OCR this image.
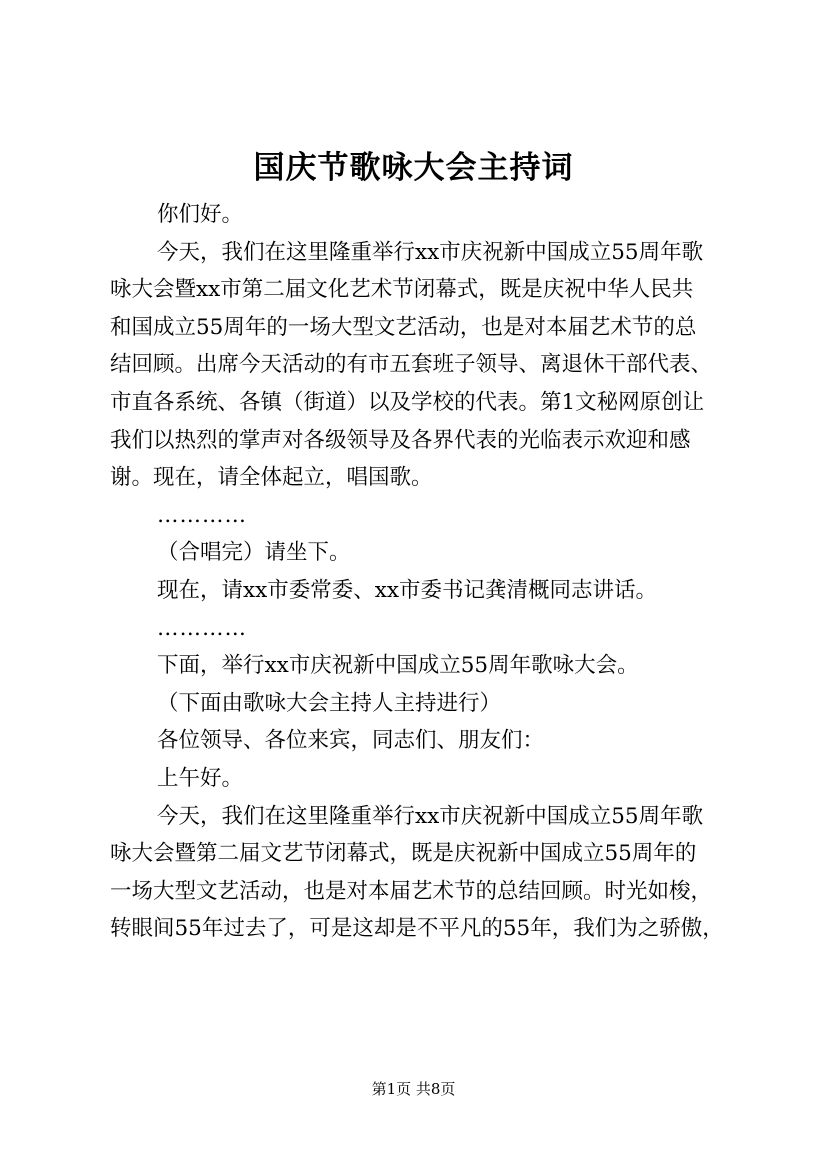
国庆节歌咏大会主持词

你们好。

今天，我们在这里隆重举行xx市庆祝新中国成立55周年歌
咏大会暨xx市第二届文化艺术节闭幕式，既是庆祝中华人民共
和国成立55周年的一场大型文艺活动，也是对本届艺术节的总
结回顾。出席今天活动的有市五套班子领导、离退休干部代表、
市直各系统、各镇（街道）以及学校的代表。第1文秘网原创让
我们以热烈的掌声对各级领导及各界代表的光临表示欢迎和感
谢。现在，请全体起立，唱国歌。

…………

（合唱完）请坐下。

现在，请xx市委常委、xx市委书记龚清概同志讲话。

…………

下面，举行xx市庆祝新中国成立55周年歌咏大会。

（下面由歌咏大会主持人主持进行）

各位领导、各位来宾，同志们、朋友们：

上午好。

今天，我们在这里隆重举行xx市庆祝新中国成立55周年歌
咏大会暨第二届文艺节闭幕式，既是庆祝新中国成立55周年的
一场大型文艺活动，也是对本届艺术节的总结回顾。时光如梭，
转眼间55年过去了，可是这却是不平凡的55年，我们为之骄傲，

第1页 共8页
